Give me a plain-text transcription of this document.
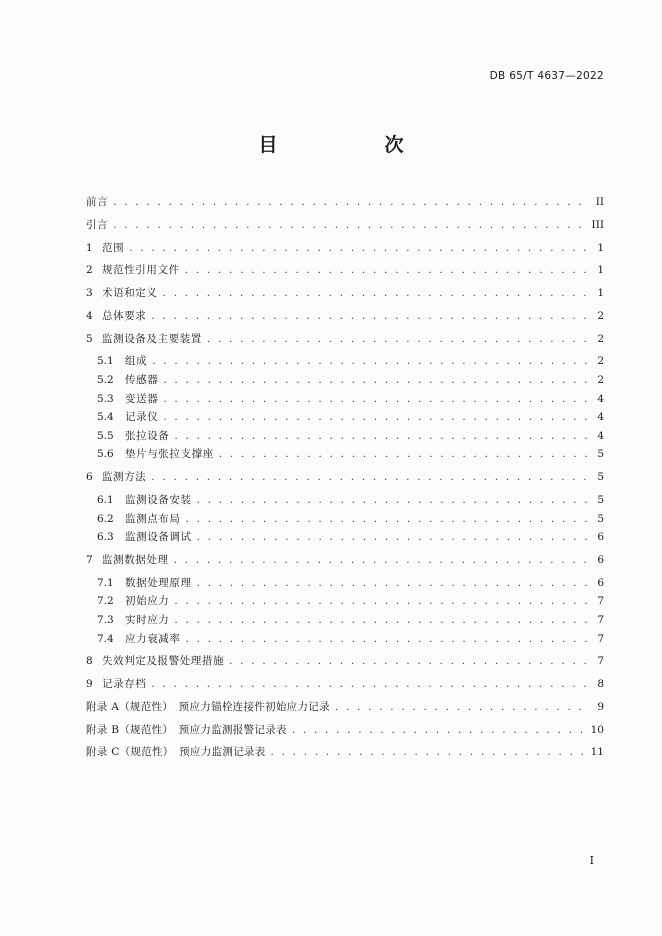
DB 65/T 4637—2022
目　次
前言 . . .	II
引言 . . .	III
1 范围 . . .	1
2 规范性引用文件 . . .	1
3 术语和定义 . . .	1
4 总体要求 . . .	2
5 监测设备及主要装置 . . .	2
5.1	组成 . . .	2
5.2	传感器 . . .	2
5.3	变送器 . . .	4
5.4	记录仪 . . .	4
5.5	张拉设备 . . .	4
5.6	垫片与张拉支撑座 . . .	5
6 监测方法 . . .	5
6.1	监测设备安装 . . .	5
6.2	监测点布局 . . .	5
6.3	监测设备调试 . . .	6
7 监测数据处理 . . .	6
7.1	数据处理原理 . . .	6
7.2	初始应力 . . .	7
7.3	实时应力 . . .	7
7.4	应力衰减率 . . .	7
8 失效判定及报警处理措施 . . .	7
9 记录存档 . . .	8
附录 A（规范性）　预应力锚栓连接件初始应力记录 . . .	9
附录 B（规范性）　预应力监测报警记录表 . . .	10
附录 C（规范性）　预应力监测记录表 . . .	11
I
